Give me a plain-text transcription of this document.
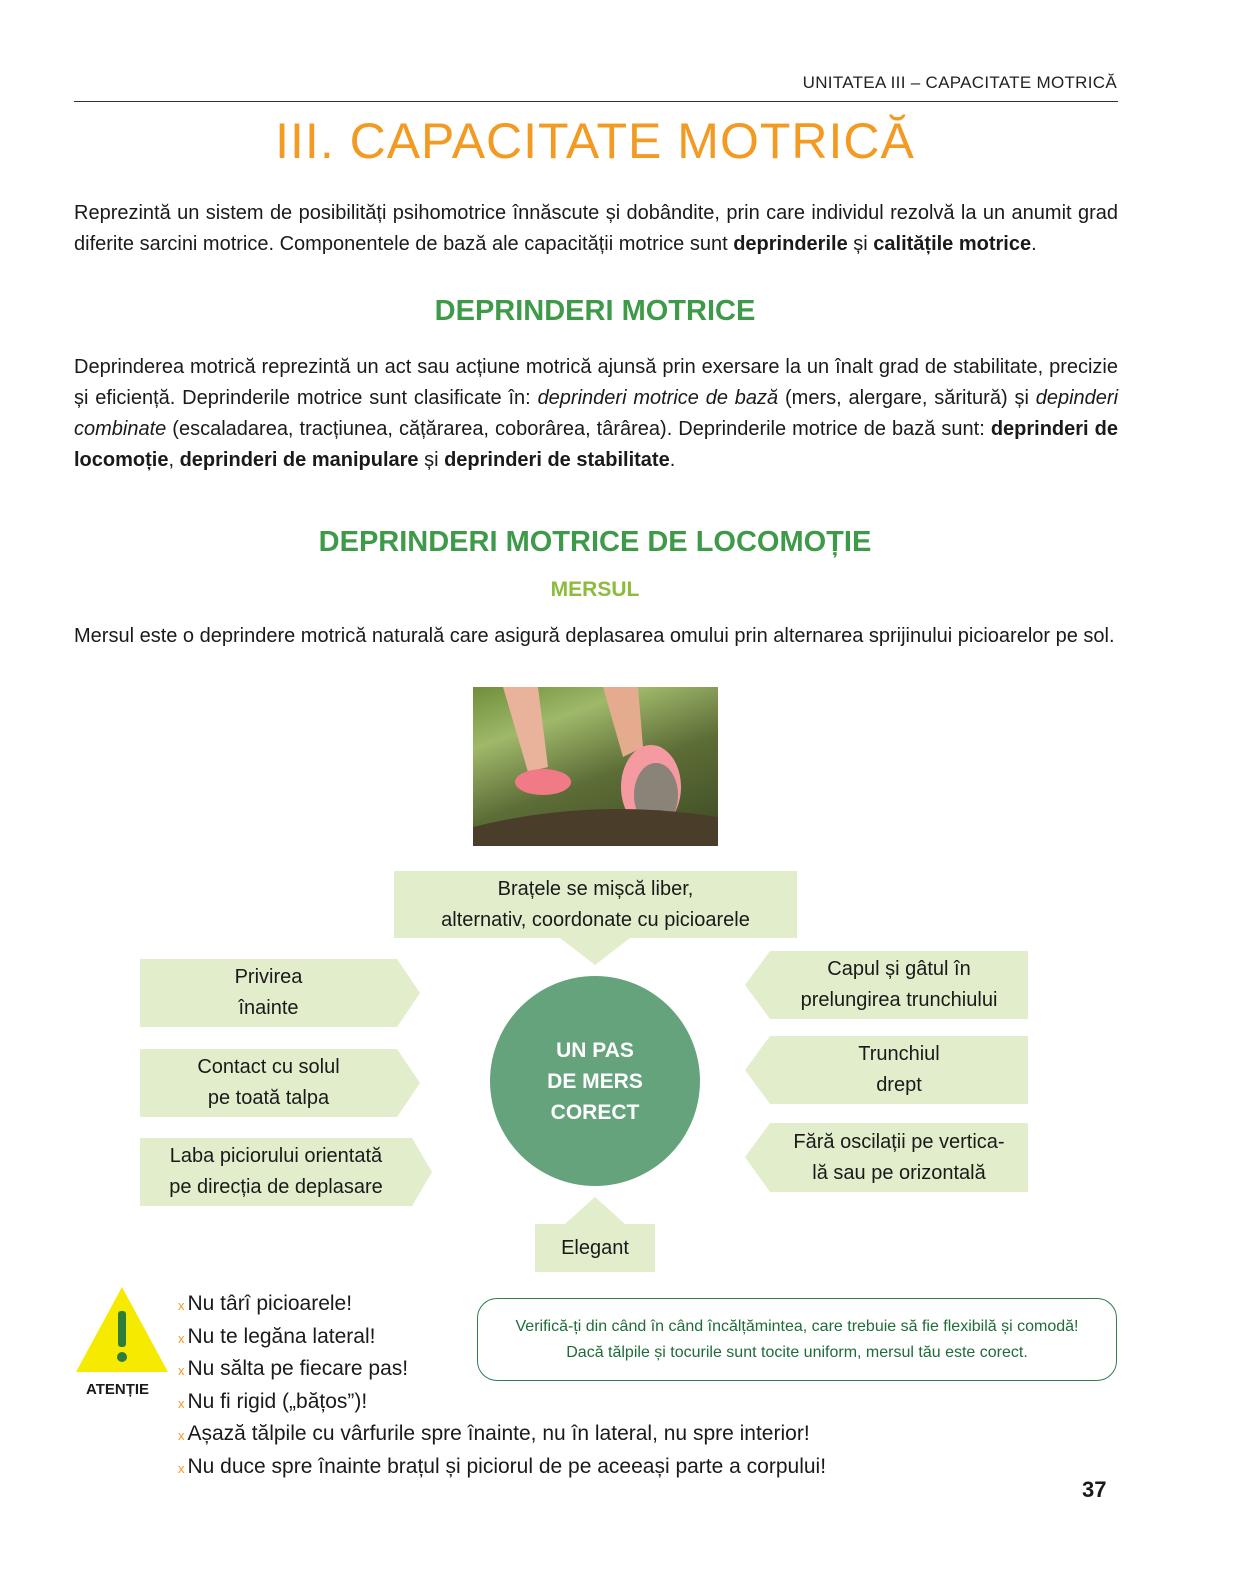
UNITATEA III – CAPACITATE MOTRICĂ
III. CAPACITATE MOTRICĂ
Reprezintă un sistem de posibilități psihomotrice înnăscute și dobândite, prin care individul rezolvă la un anumit grad diferite sarcini motrice. Componentele de bază ale capacității motrice sunt deprinderile și calitățile motrice.
DEPRINDERI MOTRICE
Deprinderea motrică reprezintă un act sau acțiune motrică ajunsă prin exersare la un înalt grad de stabilitate, precizie și eficiență. Deprinderile motrice sunt clasificate în: deprinderi motrice de bază (mers, alergare, săritură) și depinderi combinate (escaladarea, tracțiunea, cățărarea, coborârea, târârea). Deprinderile motrice de bază sunt: deprinderi de locomoție, deprinderi de manipulare și deprinderi de stabilitate.
DEPRINDERI MOTRICE DE LOCOMOȚIE
MERSUL
Mersul este o deprindere motrică naturală care asigură deplasarea omului prin alternarea sprijinului picioarelor pe sol.
Brațele se mișcă liber,
alternativ, coordonate cu picioarele
Privirea
înainte
Contact cu solul
pe toată talpa
Laba piciorului orientată
pe direcția de deplasare
Capul și gâtul în
prelungirea trunchiului
Trunchiul
drept
Fără oscilații pe vertica-
lă sau pe orizontală
Elegant
UN PAS
DE MERS
CORECT
ATENȚIE
x Nu târî picioarele!
x Nu te legăna lateral!
x Nu sălta pe fiecare pas!
x Nu fi rigid („bățos”)!
x Așază tălpile cu vârfurile spre înainte, nu în lateral, nu spre interior!
x Nu duce spre înainte brațul și piciorul de pe aceeași parte a corpului!
Verifică-ți din când în când încălțămintea, care trebuie să fie flexibilă și comodă! Dacă tălpile și tocurile sunt tocite uniform, mersul tău este corect.
37
